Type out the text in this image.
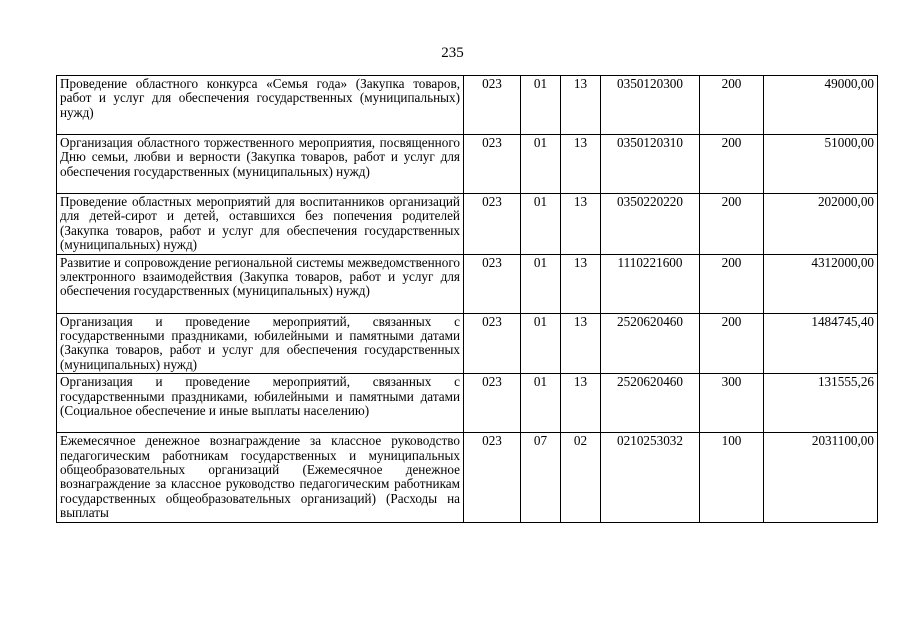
235
Проведение областного конкурса «Семья года» (Закупка товаров, работ и услуг для обеспечения государственных (муниципальных) нужд)	023	01	13	0350120300	200	49000,00
Организация областного торжественного мероприятия, посвященного Дню семьи, любви и верности (Закупка товаров, работ и услуг для обеспечения государственных (муниципальных) нужд)	023	01	13	0350120310	200	51000,00
Проведение областных мероприятий для воспитанников организаций для детей-сирот и детей, оставшихся без попечения родителей (Закупка товаров, работ и услуг для обеспечения государственных (муниципальных) нужд)	023	01	13	0350220220	200	202000,00
Развитие и сопровождение региональной системы межведомственного электронного взаимодействия (Закупка товаров, работ и услуг для обеспечения государственных (муниципальных) нужд)	023	01	13	1110221600	200	4312000,00
Организация и проведение мероприятий, связанных с государственными праздниками, юбилейными и памятными датами (Закупка товаров, работ и услуг для обеспечения государственных (муниципальных) нужд)	023	01	13	2520620460	200	1484745,40
Организация и проведение мероприятий, связанных с государственными праздниками, юбилейными и памятными датами (Социальное обеспечение и иные выплаты населению)	023	01	13	2520620460	300	131555,26
Ежемесячное денежное вознаграждение за классное руководство педагогическим работникам государственных и муниципальных общеобразовательных организаций (Ежемесячное денежное вознаграждение за классное руководство педагогическим работникам государственных общеобразовательных организаций) (Расходы на выплаты	023	07	02	0210253032	100	2031100,00
